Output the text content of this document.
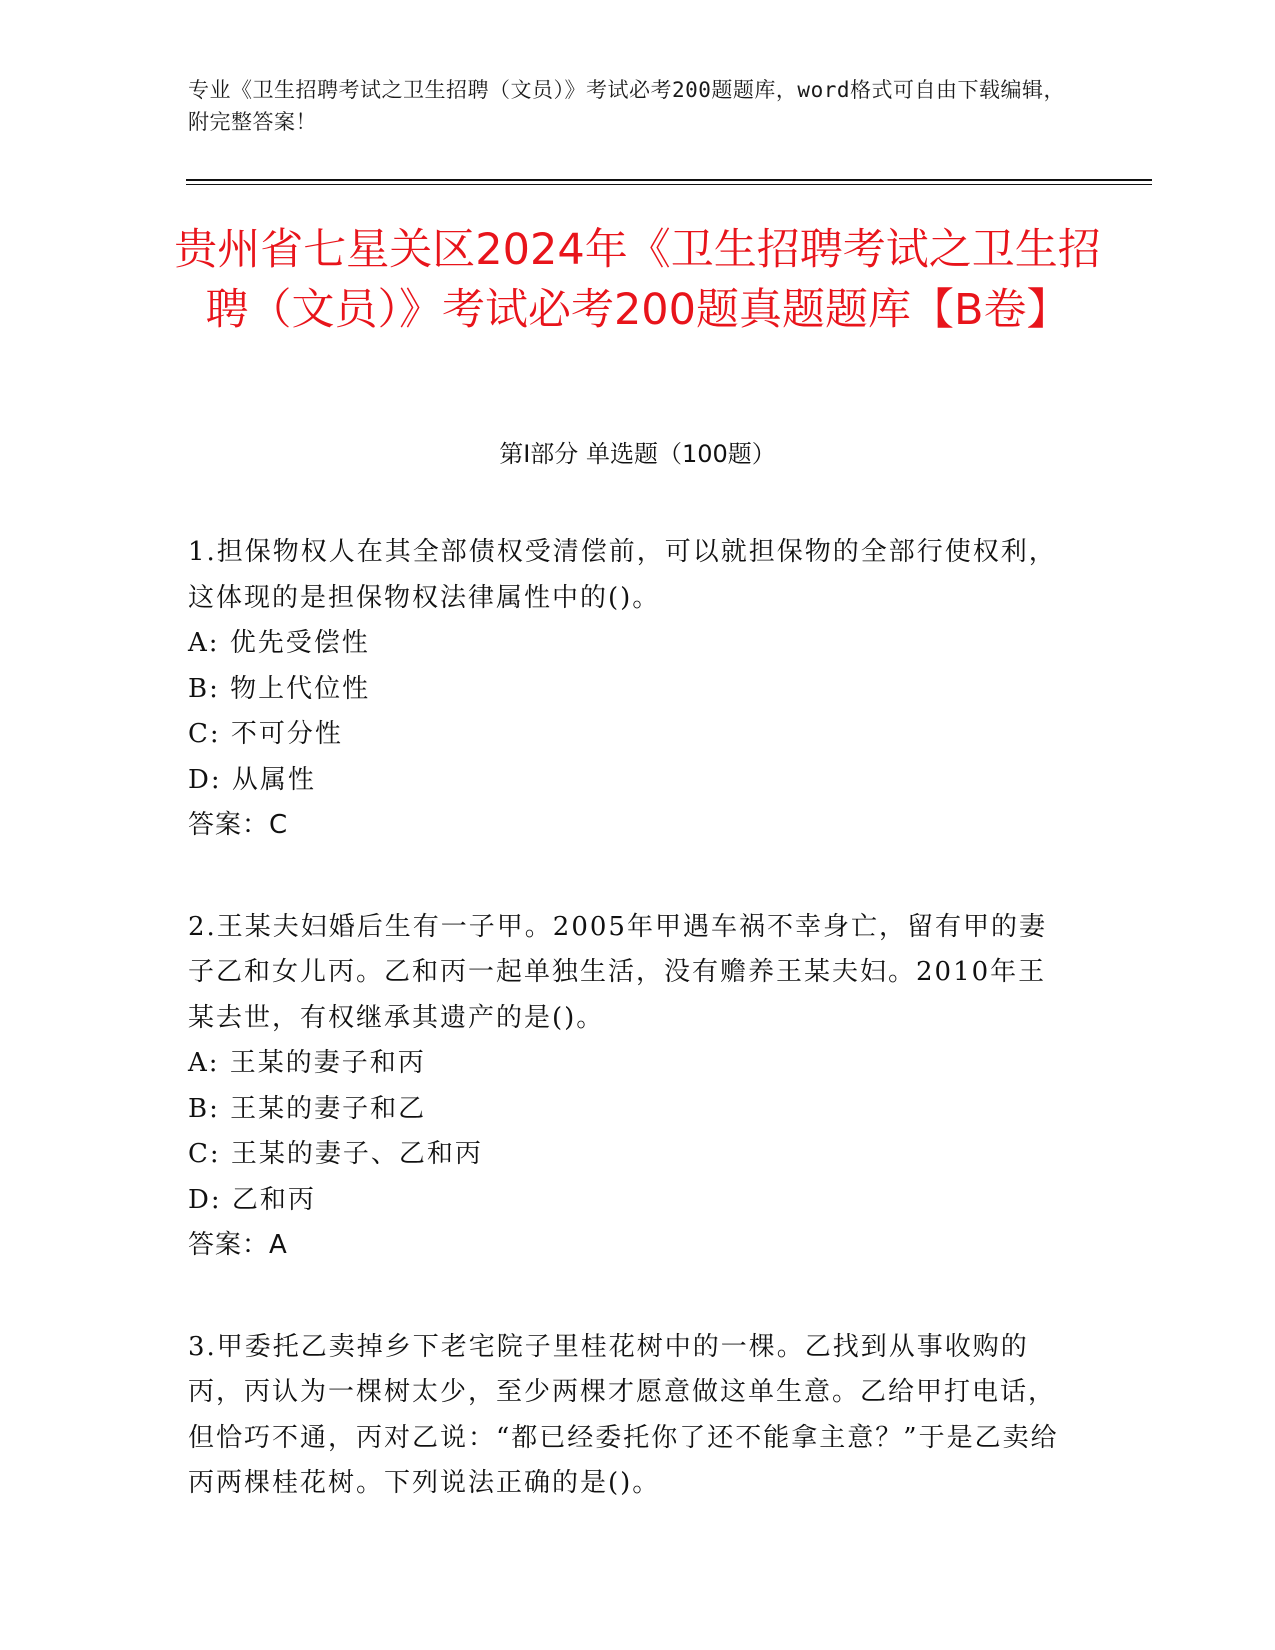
专业《卫生招聘考试之卫生招聘（文员）》考试必考200题题库，word格式可自由下载编辑，附完整答案！
贵州省七星关区2024年《卫生招聘考试之卫生招聘（文员）》考试必考200题真题题库【B卷】
第Ⅰ部分 单选题（100题）

1.担保物权人在其全部债权受清偿前，可以就担保物的全部行使权利，这体现的是担保物权法律属性中的()。

A: 优先受偿性
B: 物上代位性
C: 不可分性
D: 从属性
答案：C

2.王某夫妇婚后生有一子甲。2005年甲遇车祸不幸身亡，留有甲的妻子乙和女儿丙。乙和丙一起单独生活，没有赡养王某夫妇。2010年王某去世，有权继承其遗产的是()。

A: 王某的妻子和丙
B: 王某的妻子和乙
C: 王某的妻子、乙和丙
D: 乙和丙
答案：A

3.甲委托乙卖掉乡下老宅院子里桂花树中的一棵。乙找到从事收购的丙，丙认为一棵树太少，至少两棵才愿意做这单生意。乙给甲打电话，但恰巧不通，丙对乙说：“都已经委托你了还不能拿主意？”于是乙卖给丙两棵桂花树。下列说法正确的是()。
